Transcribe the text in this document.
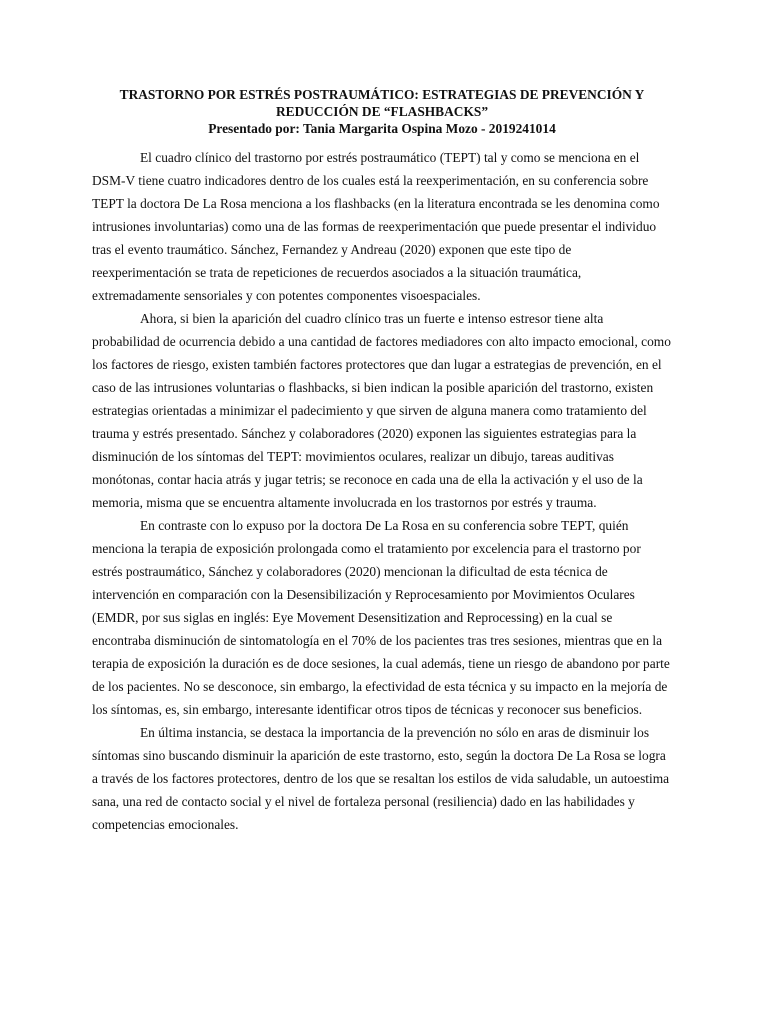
TRASTORNO POR ESTRÉS POSTRAUMÁTICO: ESTRATEGIAS DE PREVENCIÓN Y REDUCCIÓN DE “FLASHBACKS”

Presentado por: Tania Margarita Ospina Mozo - 2019241014

El cuadro clínico del trastorno por estrés postraumático (TEPT) tal y como se menciona en el DSM-V tiene cuatro indicadores dentro de los cuales está la reexperimentación, en su conferencia sobre TEPT la doctora De La Rosa menciona a los flashbacks (en la literatura encontrada se les denomina como intrusiones involuntarias) como una de las formas de reexperimentación que puede presentar el individuo tras el evento traumático. Sánchez, Fernandez y Andreau (2020) exponen que este tipo de reexperimentación se trata de repeticiones de recuerdos asociados a la situación traumática, extremadamente sensoriales y con potentes componentes visoespaciales.

Ahora, si bien la aparición del cuadro clínico tras un fuerte e intenso estresor tiene alta probabilidad de ocurrencia debido a una cantidad de factores mediadores con alto impacto emocional, como los factores de riesgo, existen también factores protectores que dan lugar a estrategias de prevención, en el caso de las intrusiones voluntarias o flashbacks, si bien indican la posible aparición del trastorno, existen estrategias orientadas a minimizar el padecimiento y que sirven de alguna manera como tratamiento del trauma y estrés presentado. Sánchez y colaboradores (2020) exponen las siguientes estrategias para la disminución de los síntomas del TEPT: movimientos oculares, realizar un dibujo, tareas auditivas monótonas, contar hacia atrás y jugar tetris; se reconoce en cada una de ella la activación y el uso de la memoria, misma que se encuentra altamente involucrada en los trastornos por estrés y trauma.

En contraste con lo expuso por la doctora De La Rosa en su conferencia sobre TEPT, quién menciona la terapia de exposición prolongada como el tratamiento por excelencia para el trastorno por estrés postraumático, Sánchez y colaboradores (2020) mencionan la dificultad de esta técnica de intervención en comparación con la Desensibilización y Reprocesamiento por Movimientos Oculares (EMDR, por sus siglas en inglés: Eye Movement Desensitization and Reprocessing) en la cual se encontraba disminución de sintomatología en el 70% de los pacientes tras tres sesiones, mientras que en la terapia de exposición la duración es de doce sesiones, la cual además, tiene un riesgo de abandono por parte de los pacientes. No se desconoce, sin embargo, la efectividad de esta técnica y su impacto en la mejoría de los síntomas, es, sin embargo, interesante identificar otros tipos de técnicas y reconocer sus beneficios.

En última instancia, se destaca la importancia de la prevención no sólo en aras de disminuir los síntomas sino buscando disminuir la aparición de este trastorno, esto, según la doctora De La Rosa se logra a través de los factores protectores, dentro de los que se resaltan los estilos de vida saludable, un autoestima sana, una red de contacto social y el nivel de fortaleza personal (resiliencia) dado en las habilidades y competencias emocionales.
